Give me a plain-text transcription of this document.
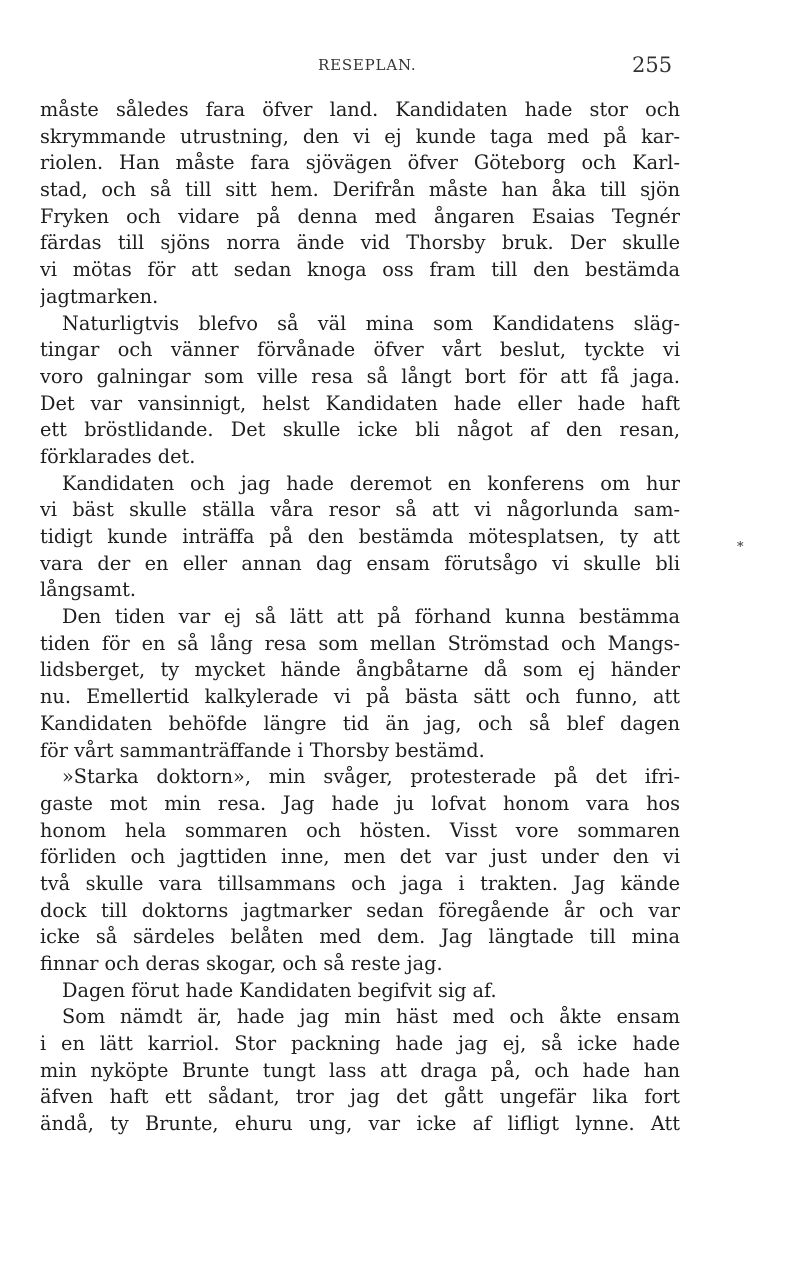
RESEPLAN.	255
måste således fara öfver land. Kandidaten hade stor och
skrymmande utrustning, den vi ej kunde taga med på kar-
riolen. Han måste fara sjövägen öfver Göteborg och Karl-
stad, och så till sitt hem. Derifrån måste han åka till sjön
Fryken och vidare på denna med ångaren Esaias Tegnér
färdas till sjöns norra ände vid Thorsby bruk. Der skulle
vi mötas för att sedan knoga oss fram till den bestämda
jagtmarken.
Naturligtvis blefvo så väl mina som Kandidatens släg-
tingar och vänner förvånade öfver vårt beslut, tyckte vi
voro galningar som ville resa så långt bort för att få jaga.
Det var vansinnigt, helst Kandidaten hade eller hade haft
ett bröstlidande. Det skulle icke bli något af den resan,
förklarades det.
Kandidaten och jag hade deremot en konferens om hur
vi bäst skulle ställa våra resor så att vi någorlunda sam-
tidigt kunde inträffa på den bestämda mötesplatsen, ty att
vara der en eller annan dag ensam förutsågo vi skulle bli
långsamt.
Den tiden var ej så lätt att på förhand kunna bestämma
tiden för en så lång resa som mellan Strömstad och Mangs-
lidsberget, ty mycket hände ångbåtarne då som ej händer
nu. Emellertid kalkylerade vi på bästa sätt och funno, att
Kandidaten behöfde längre tid än jag, och så blef dagen
för vårt sammanträffande i Thorsby bestämd.
»Starka doktorn», min svåger, protesterade på det ifri-
gaste mot min resa. Jag hade ju lofvat honom vara hos
honom hela sommaren och hösten. Visst vore sommaren
förliden och jagttiden inne, men det var just under den vi
två skulle vara tillsammans och jaga i trakten. Jag kände
dock till doktorns jagtmarker sedan föregående år och var
icke så särdeles belåten med dem. Jag längtade till mina
finnar och deras skogar, och så reste jag.
Dagen förut hade Kandidaten begifvit sig af.
Som nämdt är, hade jag min häst med och åkte ensam
i en lätt karriol. Stor packning hade jag ej, så icke hade
min nyköpte Brunte tungt lass att draga på, och hade han
äfven haft ett sådant, tror jag det gått ungefär lika fort
ändå, ty Brunte, ehuru ung, var icke af lifligt lynne. Att
*
